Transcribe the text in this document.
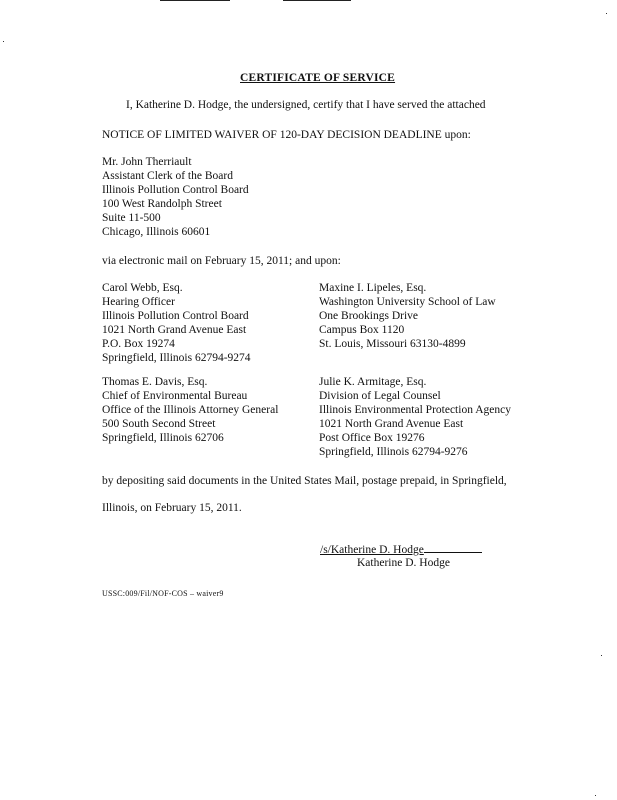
CERTIFICATE OF SERVICE
I, Katherine D. Hodge, the undersigned, certify that I have served the attached
NOTICE OF LIMITED WAIVER OF 120-DAY DECISION DEADLINE upon:
Mr. John Therriault
Assistant Clerk of the Board
Illinois Pollution Control Board
100 West Randolph Street
Suite 11-500
Chicago, Illinois 60601
via electronic mail on February 15, 2011; and upon:
Carol Webb, Esq.
Hearing Officer
Illinois Pollution Control Board
1021 North Grand Avenue East
P.O. Box 19274
Springfield, Illinois 62794-9274
Maxine I. Lipeles, Esq.
Washington University School of Law
One Brookings Drive
Campus Box 1120
St. Louis, Missouri 63130-4899
Thomas E. Davis, Esq.
Chief of Environmental Bureau
Office of the Illinois Attorney General
500 South Second Street
Springfield, Illinois 62706
Julie K. Armitage, Esq.
Division of Legal Counsel
Illinois Environmental Protection Agency
1021 North Grand Avenue East
Post Office Box 19276
Springfield, Illinois 62794-9276
by depositing said documents in the United States Mail, postage prepaid, in Springfield,
Illinois, on February 15, 2011.
/s/Katherine D. Hodge
Katherine D. Hodge
USSC:009/Fil/NOF-COS – waiver9
